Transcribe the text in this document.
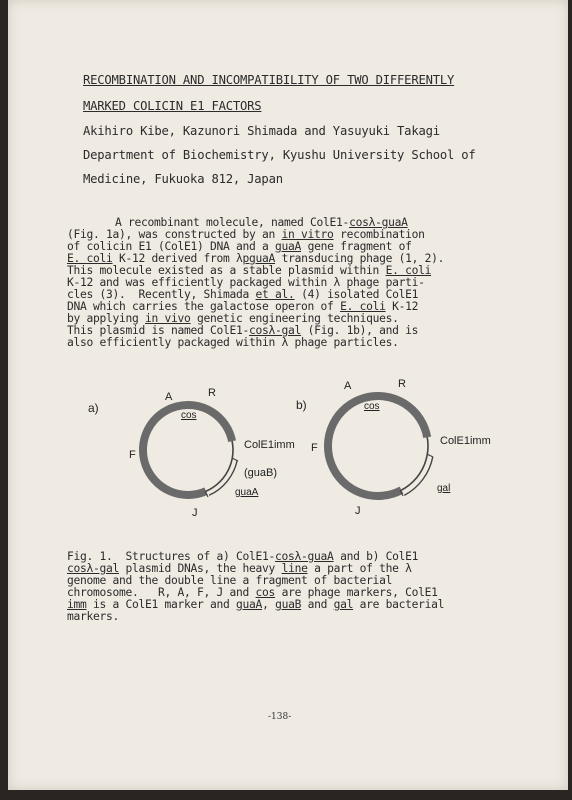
RECOMBINATION AND INCOMPATIBILITY OF TWO DIFFERENTLY
MARKED COLICIN E1 FACTORS
Akihiro Kibe, Kazunori Shimada and Yasuyuki Takagi
Department of Biochemistry, Kyushu University School of
Medicine, Fukuoka 812, Japan
A recombinant molecule, named ColE1-cosλ-guaA
(Fig. 1a), was constructed by an in vitro recombination
of colicin E1 (ColE1) DNA and a guaA gene fragment of
E. coli K-12 derived from λpguaA transducing phage (1, 2).
This molecule existed as a stable plasmid within E. coli
K-12 and was efficiently packaged within λ phage parti-
cles (3).  Recently, Shimada et al. (4) isolated ColE1
DNA which carries the galactose operon of E. coli K-12
by applying in vivo genetic engineering techniques.
This plasmid is named ColE1-cosλ-gal (Fig. 1b), and is
also efficiently packaged within λ phage particles.
a)
A	R
cos
ColE1imm
F
(guaB)
guaA
J
b)
A	R
cos
ColE1imm
F
gal
J
Fig. 1.  Structures of a) ColE1-cosλ-guaA and b) ColE1
cosλ-gal plasmid DNAs, the heavy line a part of the λ
genome and the double line a fragment of bacterial
chromosome.   R, A, F, J and cos are phage markers, ColE1
imm is a ColE1 marker and guaA, guaB and gal are bacterial
markers.
-138-
